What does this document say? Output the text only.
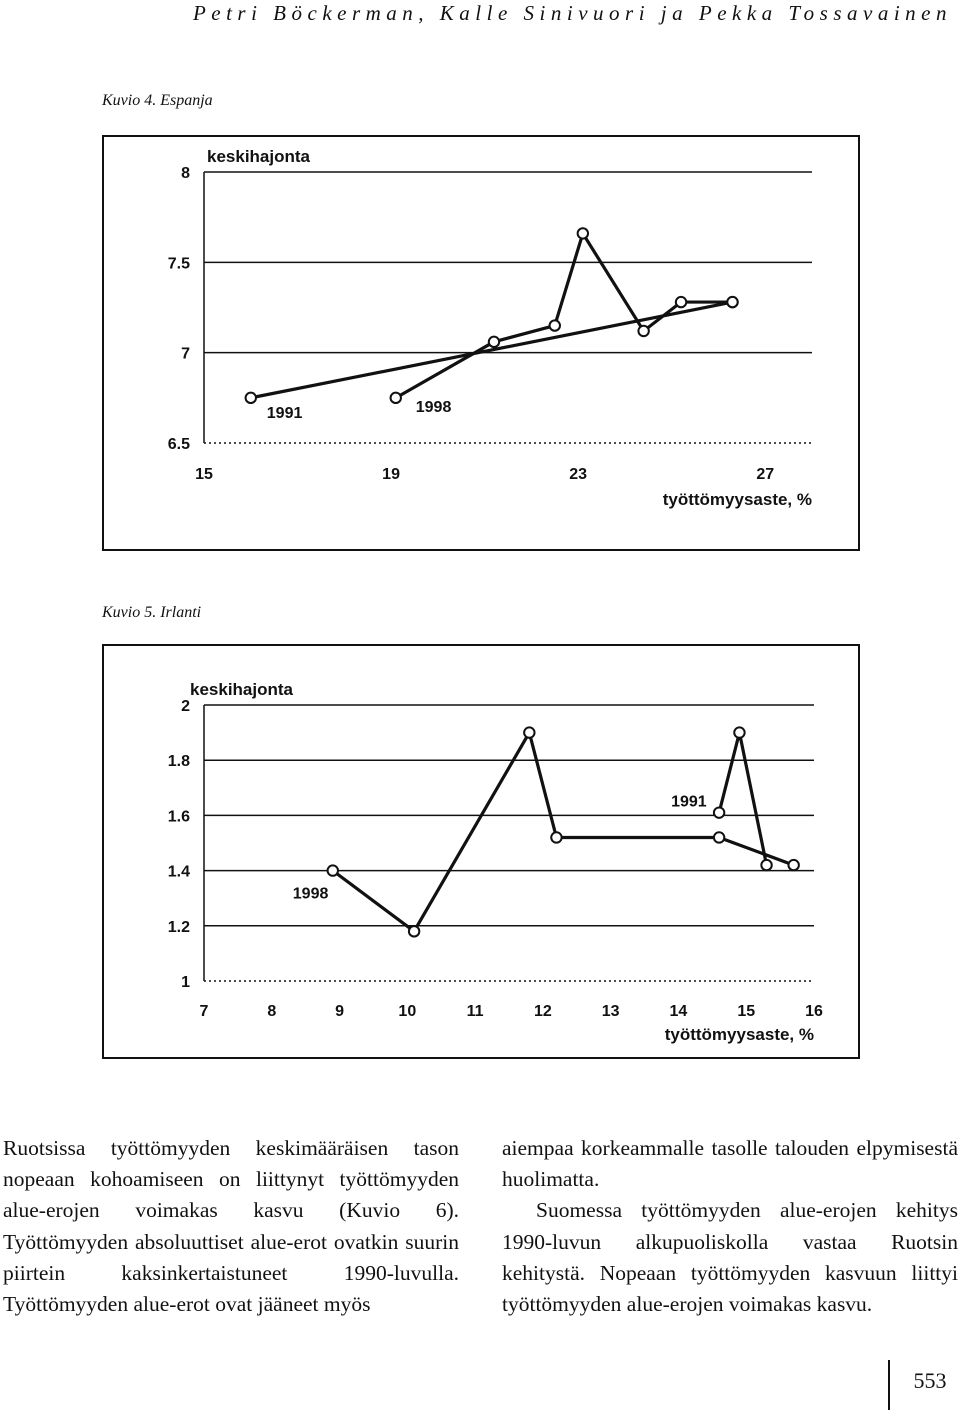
Petri Böckerman, Kalle Sinivuori ja Pekka Tossavainen
Kuvio 4. Espanja
6.5
7
7.5
8
15	19	23	27
keskihajonta
työttömyysaste, %
1991	1998
Kuvio 5. Irlanti
1
1.2
1.4
1.6
1.8
2
7	8	9	10	11	12	13	14	15	16
keskihajonta
työttömyysaste, %
1991
1998

Ruotsissa työttömyyden keskimääräisen tason nopeaan kohoamiseen on liittynyt työttömyyden alue-erojen voimakas kasvu (Kuvio 6). Työttömyyden absoluuttiset alue-erot ovatkin suurin piirtein kaksinkertaistuneet 1990-luvulla. Työttömyyden alue-erot ovat jääneet myös

aiempaa korkeammalle tasolle talouden elpymisestä huolimatta.

Suomessa työttömyyden alue-erojen kehitys 1990-luvun alkupuoliskolla vastaa Ruotsin kehitystä. Nopeaan työttömyyden kasvuun liittyi työttömyyden alue-erojen voimakas kasvu.

553
